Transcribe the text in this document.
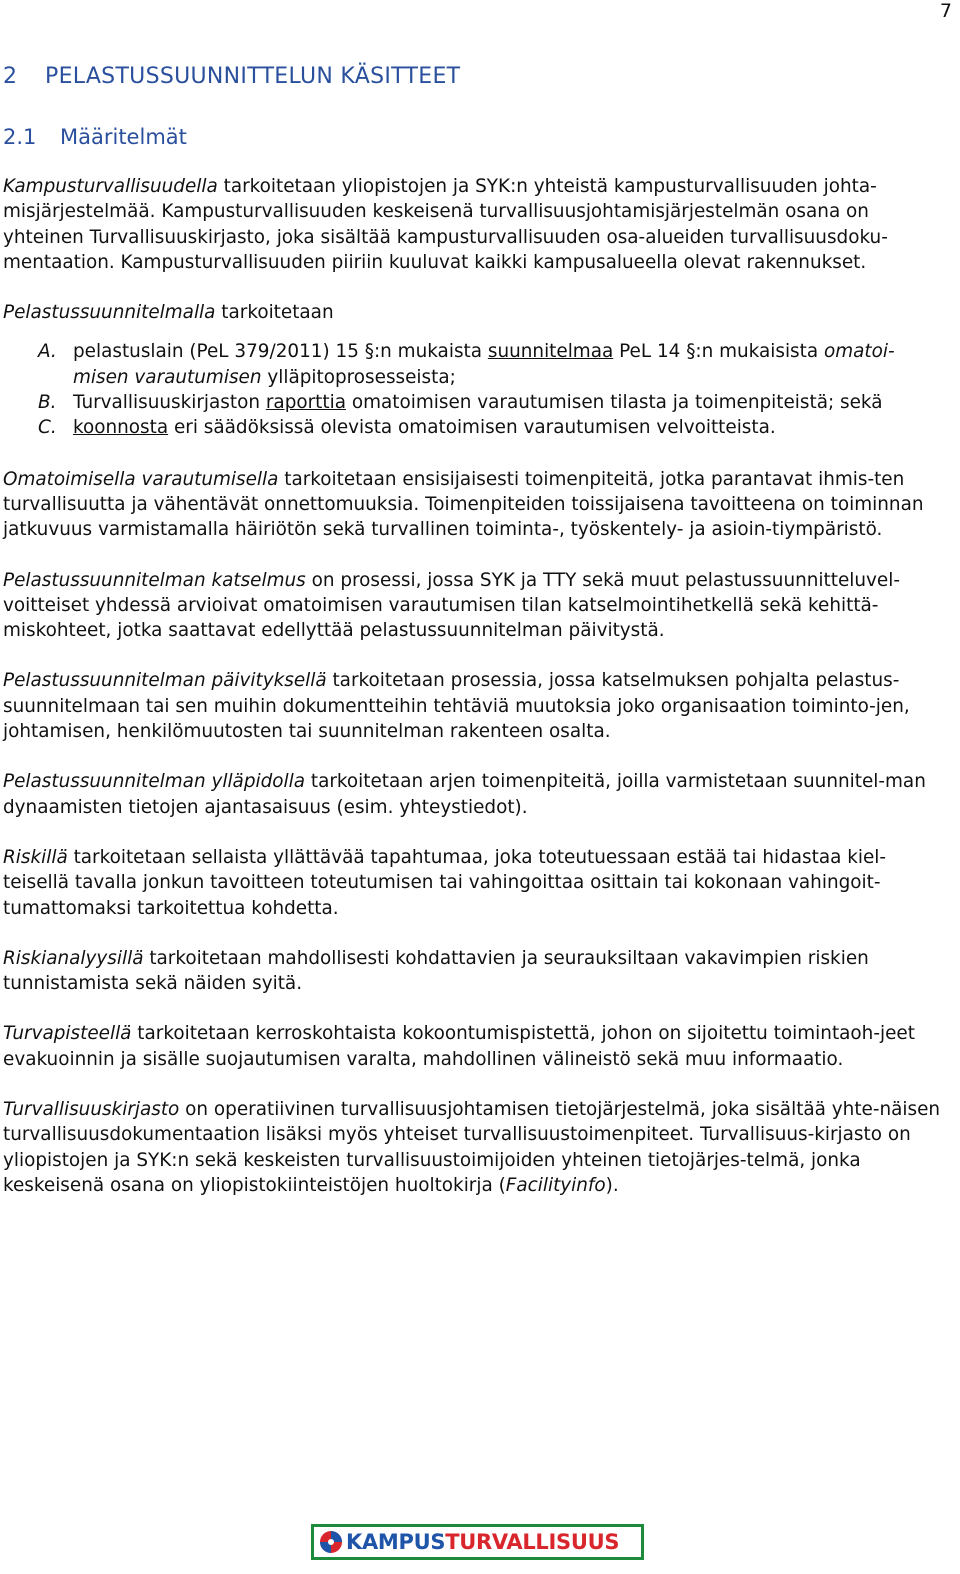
7
2 PELASTUSSUUNNITTELUN KÄSITTEET
2.1 Määritelmät

Kampusturvallisuudella tarkoitetaan yliopistojen ja SYK:n yhteistä kampusturvallisuuden johta-misjärjestelmää. Kampusturvallisuuden keskeisenä turvallisuusjohtamisjärjestelmän osana on yhteinen Turvallisuuskirjasto, joka sisältää kampusturvallisuuden osa-alueiden turvallisuusdoku-mentaation. Kampusturvallisuuden piiriin kuuluvat kaikki kampusalueella olevat rakennukset.

Pelastussuunnitelmalla tarkoitetaan

A. pelastuslain (PeL 379/2011) 15 §:n mukaista suunnitelmaa PeL 14 §:n mukaisista omatoi-misen varautumisen ylläpitoprosesseista;
B. Turvallisuuskirjaston raporttia omatoimisen varautumisen tilasta ja toimenpiteistä; sekä
C. koonnosta eri säädöksissä olevista omatoimisen varautumisen velvoitteista.

Omatoimisella varautumisella tarkoitetaan ensisijaisesti toimenpiteitä, jotka parantavat ihmis-ten turvallisuutta ja vähentävät onnettomuuksia. Toimenpiteiden toissijaisena tavoitteena on toiminnan jatkuvuus varmistamalla häiriötön sekä turvallinen toiminta-, työskentely- ja asioin-tiympäristö.

Pelastussuunnitelman katselmus on prosessi, jossa SYK ja TTY sekä muut pelastussuunnitteluvel-voitteiset yhdessä arvioivat omatoimisen varautumisen tilan katselmointihetkellä sekä kehittä-miskohteet, jotka saattavat edellyttää pelastussuunnitelman päivitystä.

Pelastussuunnitelman päivityksellä tarkoitetaan prosessia, jossa katselmuksen pohjalta pelastus-suunnitelmaan tai sen muihin dokumentteihin tehtäviä muutoksia joko organisaation toiminto-jen, johtamisen, henkilömuutosten tai suunnitelman rakenteen osalta.

Pelastussuunnitelman ylläpidolla tarkoitetaan arjen toimenpiteitä, joilla varmistetaan suunnitel-man dynaamisten tietojen ajantasaisuus (esim. yhteystiedot).

Riskillä tarkoitetaan sellaista yllättävää tapahtumaa, joka toteutuessaan estää tai hidastaa kiel-teisellä tavalla jonkun tavoitteen toteutumisen tai vahingoittaa osittain tai kokonaan vahingoit-tumattomaksi tarkoitettua kohdetta.

Riskianalyysillä tarkoitetaan mahdollisesti kohdattavien ja seurauksiltaan vakavimpien riskien tunnistamista sekä näiden syitä.

Turvapisteellä tarkoitetaan kerroskohtaista kokoontumispistettä, johon on sijoitettu toimintaoh-jeet evakuoinnin ja sisälle suojautumisen varalta, mahdollinen välineistö sekä muu informaatio.

Turvallisuuskirjasto on operatiivinen turvallisuusjohtamisen tietojärjestelmä, joka sisältää yhte-näisen turvallisuusdokumentaation lisäksi myös yhteiset turvallisuustoimenpiteet. Turvallisuus-kirjasto on yliopistojen ja SYK:n sekä keskeisten turvallisuustoimijoiden yhteinen tietojärjes-telmä, jonka keskeisenä osana on yliopistokiinteistöjen huoltokirja (Facilityinfo).

KAMPUSTURVALLISUUS
